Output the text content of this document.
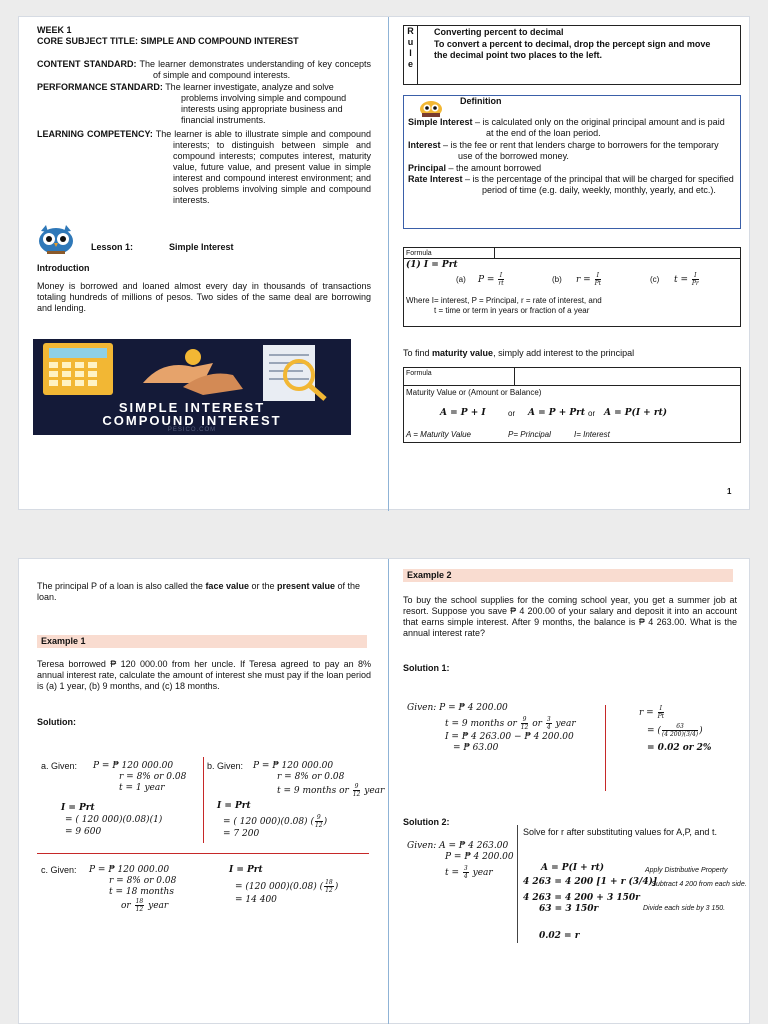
WEEK 1
CORE SUBJECT TITLE: SIMPLE AND COMPOUND INTEREST
CONTENT STANDARD: The learner demonstrates understanding of key concepts of simple and compound interests.
PERFORMANCE STANDARD: The learner investigate, analyze and solve problems involving simple and compound interests using appropriate business and financial instruments.
LEARNING COMPETENCY: The learner is able to illustrate simple and compound interests; to distinguish between simple and compound interests; computes interest, maturity value, future value, and present value in simple interest and compound interest environment; and solves problems involving simple and compound interests.
Lesson 1:	Simple Interest
Introduction
Money is borrowed and loaned almost every day in thousands of transactions totaling hundreds of millions of pesos. Two sides of the same deal are borrowing and lending.
SIMPLE INTEREST
COMPOUND INTEREST
PESICO.COM
R
u
l
e
Converting percent to decimal
To convert a percent to decimal, drop the percept sign and move the decimal point two places to the left.
Definition
Simple Interest – is calculated only on the original principal amount and is paid at the end of the loan period.
Interest – is the fee or rent that lenders charge to borrowers for the temporary use of the borrowed money.
Principal – the amount borrowed
Rate Interest – is the percentage of the principal that will be charged for specified period of time (e.g. daily, weekly, monthly, yearly, and etc.).
Formula
(1) I = Prt
(a) $P = \frac{I}{rt}$	(b) $r = \frac{I}{Pt}$	(c) $t = \frac{I}{Pr}$
Where I= interest, P = Principal, r = rate of interest, and
t = time or term in years or fraction of a year
To find maturity value, simply add interest to the principal
Formula
Maturity Value or (Amount or Balance)
A = P + I	or A = P + Prt or A = P(I + rt)
A = Maturity Value	P= Principal	I= Interest
1
The principal P of a loan is also called the face value or the present value of the loan.
Example 1
Teresa borrowed ₱ 120 000.00 from her uncle. If Teresa agreed to pay an 8% annual interest rate, calculate the amount of interest she must pay if the loan period is (a) 1 year, (b) 9 months, and (c) 18 months.
Solution:
a. Given: P = ₱ 120 000.00
r = 8% or 0.08
t = 1 year
I = Prt
= ( 120 000)(0.08)(1)
= 9 600
b. Given: P = ₱ 120 000.00
r = 8% or 0.08
t = 9 months or $\frac{9}{12}$ year
I = Prt
= ( 120 000)(0.08) ( $\frac{9}{12}$ )
= 7 200
c. Given: P = ₱ 120 000.00
r = 8% or 0.08
t = 18 months
or $\frac{18}{12}$ year
I = Prt
= (120 000)(0.08) ( $\frac{18}{12}$ )
= 14 400
Example 2
To buy the school supplies for the coming school year, you get a summer job at resort. Suppose you save ₱ 4 200.00 of your salary and deposit it into an account that earns simple interest. After 9 months, the balance is ₱ 4 263.00. What is the annual interest rate?
Solution 1:
Given: P = ₱ 4 200.00
t = 9 months or $\frac{9}{12}$ or $\frac{3}{4}$ year
I = ₱ 4 263.00 − ₱ 4 200.00
= ₱ 63.00
$r = \frac{I}{Pt}$
= ( $\frac{63}{(4 200)(3/4)}$ )
= 0.02 or 2%
Solution 2:
Given: A = ₱ 4 263.00
P = ₱ 4 200.00
$t = \frac{3}{4}$ year
Solve for r after substituting values for A,P, and t.
A = P(I + rt)
4 263 = 4 200 [1 + r (3/4)]
4 263 = 4 200 + 3 150r
63 = 3 150r
0.02 = r
Apply Distributive Property
Subtract 4 200 from each side.
Divide each side by 3 150.
